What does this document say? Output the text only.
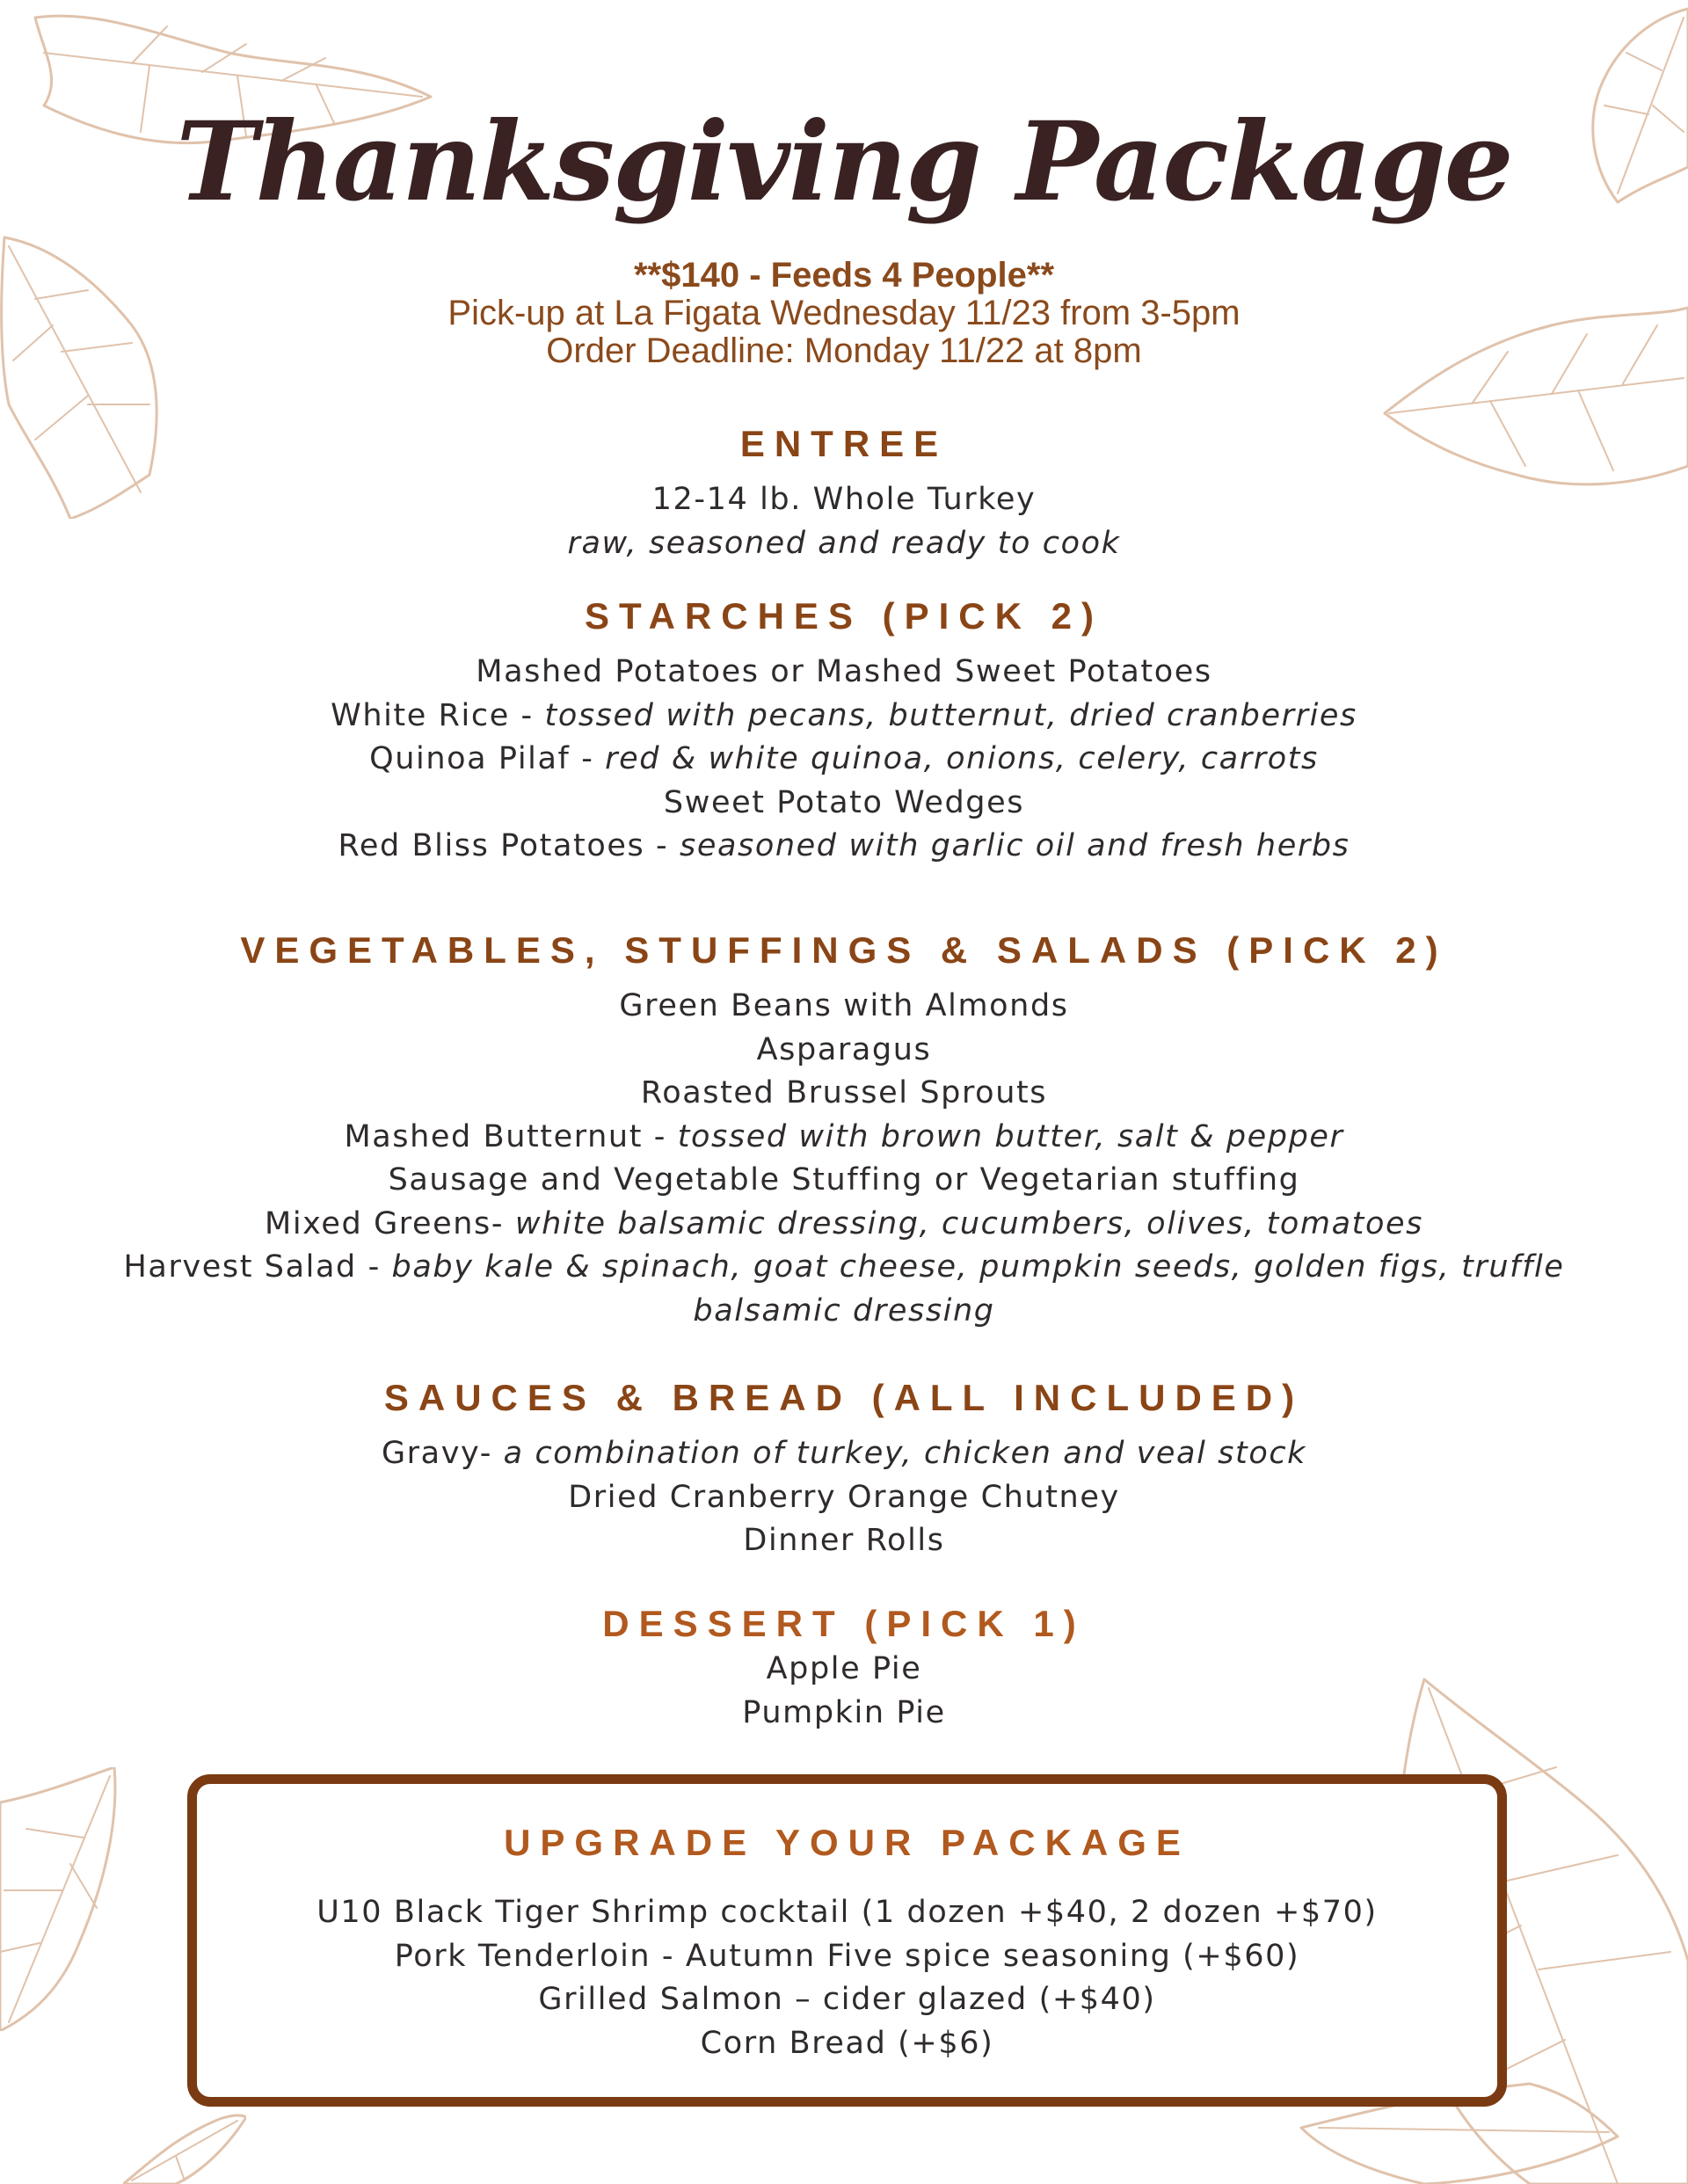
Thanksgiving Package
**$140 - Feeds 4 People**
Pick-up at La Figata Wednesday 11/23 from 3-5pm
Order Deadline: Monday 11/22 at 8pm
ENTREE
12-14 lb. Whole Turkey
raw, seasoned and ready to cook
STARCHES (PICK 2)
Mashed Potatoes or Mashed Sweet Potatoes
White Rice - tossed with pecans, butternut, dried cranberries
Quinoa Pilaf - red & white quinoa, onions, celery, carrots
Sweet Potato Wedges
Red Bliss Potatoes - seasoned with garlic oil and fresh herbs
VEGETABLES, STUFFINGS & SALADS (PICK 2)
Green Beans with Almonds
Asparagus
Roasted Brussel Sprouts
Mashed Butternut - tossed with brown butter, salt & pepper
Sausage and Vegetable Stuffing or Vegetarian stuffing
Mixed Greens- white balsamic dressing, cucumbers, olives, tomatoes
Harvest Salad - baby kale & spinach, goat cheese, pumpkin seeds, golden figs, truffle
balsamic dressing
SAUCES & BREAD (ALL INCLUDED)
Gravy- a combination of turkey, chicken and veal stock
Dried Cranberry Orange Chutney
Dinner Rolls
DESSERT (PICK 1)
Apple Pie
Pumpkin Pie
UPGRADE YOUR PACKAGE
U10 Black Tiger Shrimp cocktail (1 dozen +$40, 2 dozen +$70)
Pork Tenderloin - Autumn Five spice seasoning (+$60)
Grilled Salmon – cider glazed (+$40)
Corn Bread (+$6)
